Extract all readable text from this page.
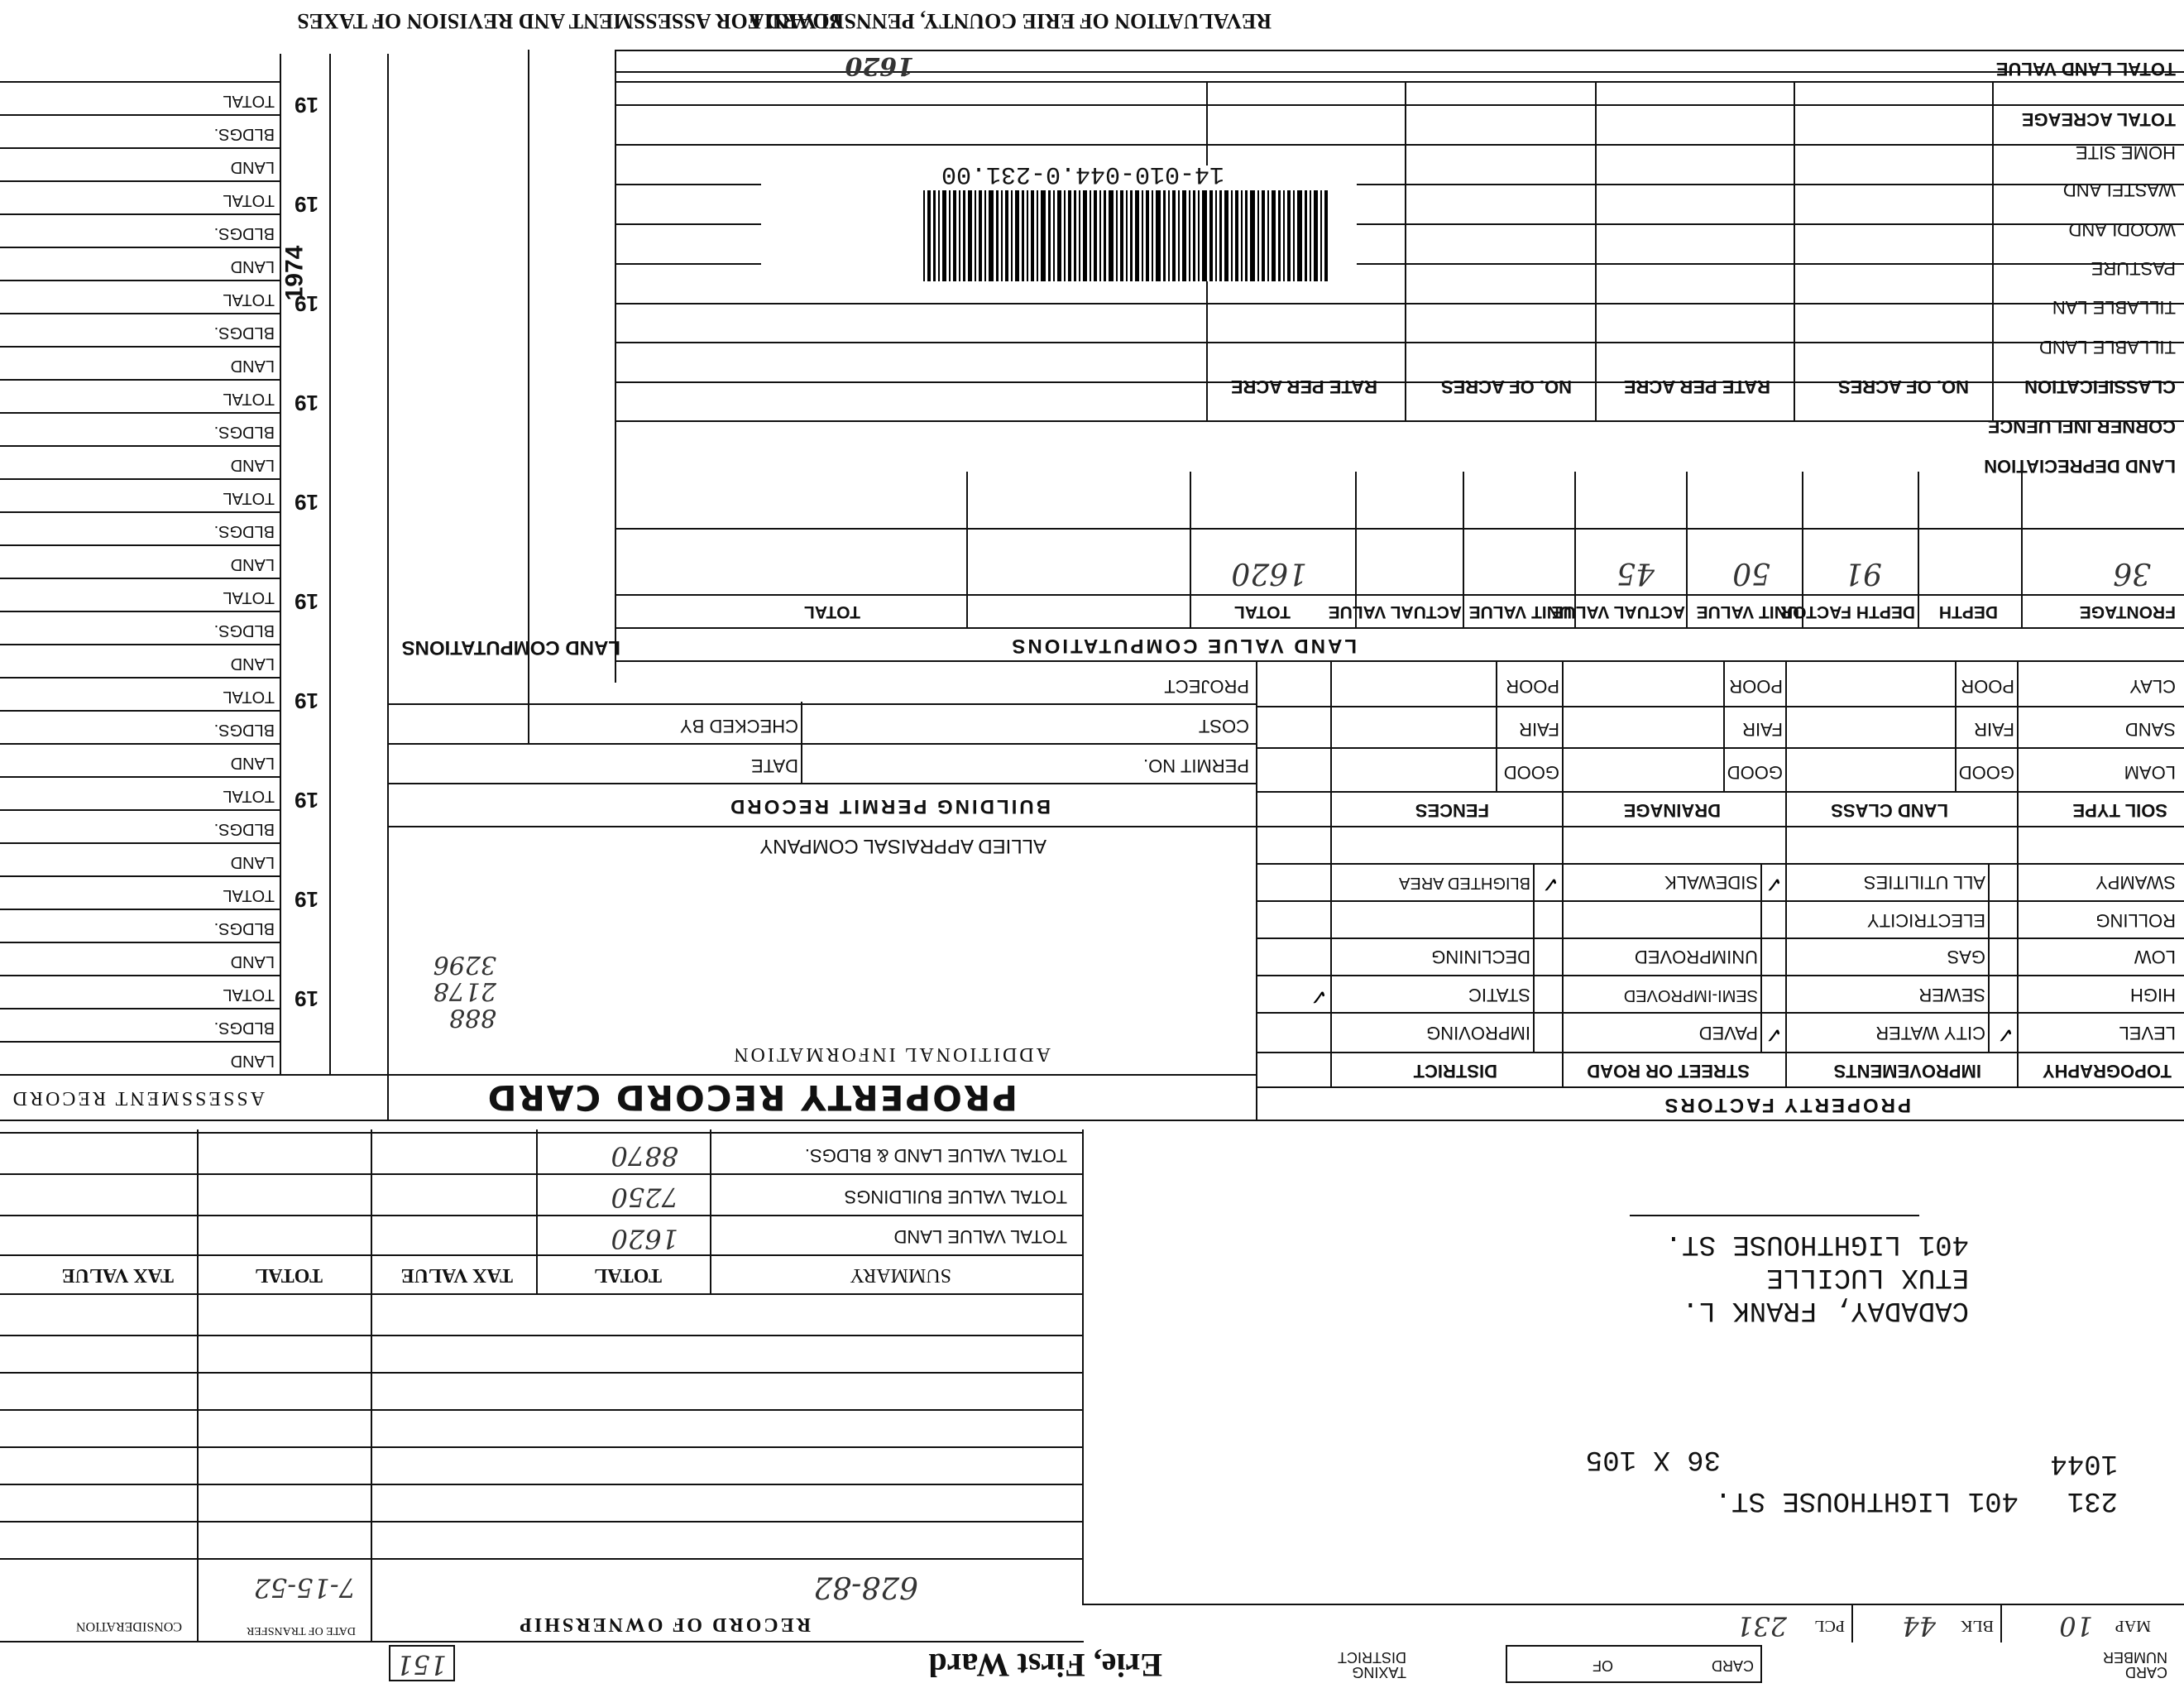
REVALUATION OF ERIE COUNTY, PENNSYLVANIA
BOARD FOR ASSESSMENT AND REVISION OF TAXES
TOTAL LAND VALUE
1620
TOTAL ACREAGE
HOME SITE
WASTELAND
WOODLAND
PASTURE
TILLABLE LAN
TILLABLE LAND
CLASSIFICATION
NO. OF ACRES
RATE PER ACRE
NO. OF ACRES
RATE PER ACRE
CORNER INFLUENCE
LAND DEPRECIATION
14-010-044.0-231.00
LAND VALUE COMPUTATIONS
FRONTAGE
DEPTH
DEPTH FACTOR
UNIT VALUE
ACTUAL VALUE
UNIT VALUE
ACTUAL VALUE
TOTAL
TOTAL
36
91
50
45
1620
LAND COMPUTATIONS
SOIL TYPE
LAND CLASS
DRAINAGE
FENCES
LOAM
SAND
CLAY
GOOD
FAIR
POOR
GOOD
FAIR
POOR
GOOD
FAIR
POOR
PROPERTY FACTORS
TOPOGRAPHY
IMPROVEMENTS
STREET OR ROAD
DISTRICT
LEVEL
HIGH
LOW
ROLLING
SWAMPY
CITY WATER
SEWER
GAS
ELECTRICITY
ALL UTILITIES
PAVED
SEMI-IMPROVED
UNIMPROVED
SIDEWALK
IMPROVING
STATIC
DECLINING
BLIGHTED AREA
✓
✓
✓
✓
✓
BUILDING PERMIT RECORD
PERMIT NO.
DATE
COST
CHECKED BY
PROJECT
ADDITIONAL INFORMATION
ALLIED APPRAISAL COMPANY
888
2178
3296
PROPERTY RECORD CARD
ASSESSMENT RECORD
1974
LAND
BLDGS.
TOTAL 19
LAND
BLDGS.
TOTAL 19
LAND
BLDGS.
TOTAL 19
LAND
BLDGS.
TOTAL 19
LAND
BLDGS.
TOTAL 19
LAND
BLDGS.
TOTAL 19
LAND
BLDGS.
TOTAL 19
LAND
BLDGS.
TOTAL 19
LAND
BLDGS.
TOTAL 19
LAND
BLDGS.
TOTAL 19
SUMMARY
TOTAL
TAX VALUE
TOTAL
TAX VALUE
TOTAL VALUE LAND
TOTAL VALUE BUILDINGS
TOTAL VALUE LAND & BLDGS.
1620
7250
8870
RECORD OF OWNERSHIP
DATE OF TRANSFER
CONSIDERATION
628-82
7-15-52
1044
231
401 LIGHTHOUSE ST.
36 X 105
CADADAY, FRANK L.
ETUX LUCILLE
401 LIGHTHOUSE ST.
MAP
10
BLK
44
PCL
231
CARD NUMBER
CARD
OF
TAXING DISTRICT
Erie, First Ward
151
